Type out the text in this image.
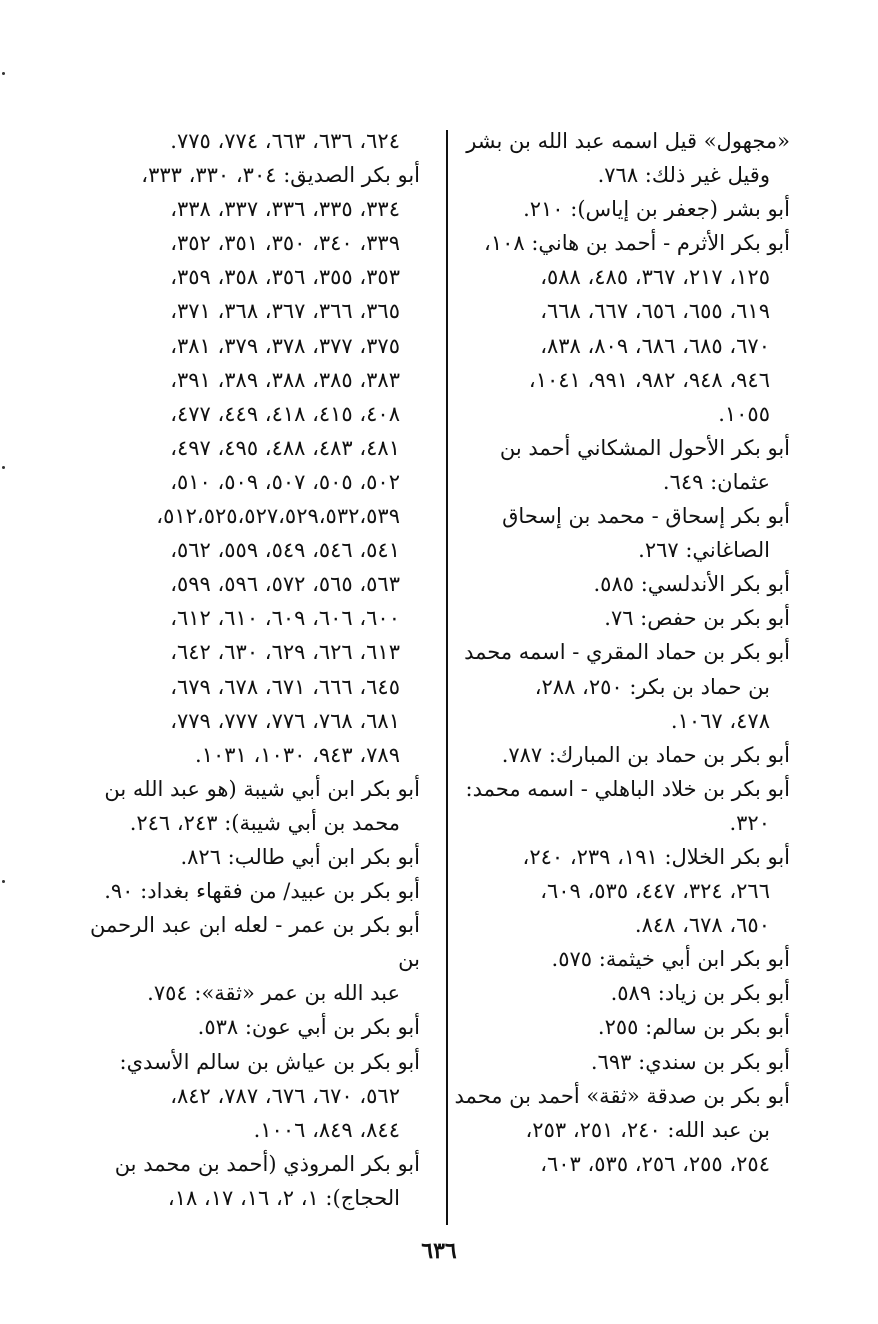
«مجهول» قيل اسمه عبد الله بن بشر
وقيل غير ذلك: ٧٦٨.
أبو بشر (جعفر بن إياس): ٢١٠.
أبو بكر الأثرم - أحمد بن هاني: ١٠٨،
١٢٥، ٢١٧، ٣٦٧، ٤٨٥، ٥٨٨،
٦١٩، ٦٥٥، ٦٥٦، ٦٦٧، ٦٦٨،
٦٧٠، ٦٨٥، ٦٨٦، ٨٠٩، ٨٣٨،
٩٤٦، ٩٤٨، ٩٨٢، ٩٩١، ١٠٤١،
١٠٥٥.
أبو بكر الأحول المشكاني أحمد بن
عثمان: ٦٤٩.
أبو بكر إسحاق - محمد بن إسحاق
الصاغاني: ٢٦٧.
أبو بكر الأندلسي: ٥٨٥.
أبو بكر بن حفص: ٧٦.
أبو بكر بن حماد المقري - اسمه محمد
بن حماد بن بكر: ٢٥٠، ٢٨٨،
٤٧٨، ١٠٦٧.
أبو بكر بن حماد بن المبارك: ٧٨٧.
أبو بكر بن خلاد الباهلي - اسمه محمد:
٣٢٠.
أبو بكر الخلال: ١٩١، ٢٣٩، ٢٤٠،
٢٦٦، ٣٢٤، ٤٤٧، ٥٣٥، ٦٠٩،
٦٥٠، ٦٧٨، ٨٤٨.
أبو بكر ابن أبي خيثمة: ٥٧٥.
أبو بكر بن زياد: ٥٨٩.
أبو بكر بن سالم: ٢٥٥.
أبو بكر بن سندي: ٦٩٣.
أبو بكر بن صدقة «ثقة» أحمد بن محمد
بن عبد الله: ٢٤٠، ٢٥١، ٢٥٣،
٢٥٤، ٢٥٥، ٢٥٦، ٥٣٥، ٦٠٣،
٦٢٤، ٦٣٦، ٦٦٣، ٧٧٤، ٧٧٥.
أبو بكر الصديق: ٣٠٤، ٣٣٠، ٣٣٣،
٣٣٤، ٣٣٥، ٣٣٦، ٣٣٧، ٣٣٨،
٣٣٩، ٣٤٠، ٣٥٠، ٣٥١، ٣٥٢،
٣٥٣، ٣٥٥، ٣٥٦، ٣٥٨، ٣٥٩،
٣٦٥، ٣٦٦، ٣٦٧، ٣٦٨، ٣٧١،
٣٧٥، ٣٧٧، ٣٧٨، ٣٧٩، ٣٨١،
٣٨٣، ٣٨٥، ٣٨٨، ٣٨٩، ٣٩١،
٤٠٨، ٤١٥، ٤١٨، ٤٤٩، ٤٧٧،
٤٨١، ٤٨٣، ٤٨٨، ٤٩٥، ٤٩٧،
٥٠٢، ٥٠٥، ٥٠٧، ٥٠٩، ٥١٠،
٥١٢،٥٢٥،٥٢٧،٥٢٩،٥٣٢،٥٣٩،
٥٤١، ٥٤٦، ٥٤٩، ٥٥٩، ٥٦٢،
٥٦٣، ٥٦٥، ٥٧٢، ٥٩٦، ٥٩٩،
٦٠٠، ٦٠٦، ٦٠٩، ٦١٠، ٦١٢،
٦١٣، ٦٢٦، ٦٢٩، ٦٣٠، ٦٤٢،
٦٤٥، ٦٦٦، ٦٧١، ٦٧٨، ٦٧٩،
٦٨١، ٧٦٨، ٧٧٦، ٧٧٧، ٧٧٩،
٧٨٩، ٩٤٣، ١٠٣٠، ١٠٣١.
أبو بكر ابن أبي شيبة (هو عبد الله بن
محمد بن أبي شيبة): ٢٤٣، ٢٤٦.
أبو بكر ابن أبي طالب: ٨٢٦.
أبو بكر بن عبيد/ من فقهاء بغداد: ٩٠.
أبو بكر بن عمر - لعله ابن عبد الرحمن بن
عبد الله بن عمر «ثقة»: ٧٥٤.
أبو بكر بن أبي عون: ٥٣٨.
أبو بكر بن عياش بن سالم الأسدي:
٥٦٢، ٦٧٠، ٦٧٦، ٧٨٧، ٨٤٢،
٨٤٤، ٨٤٩، ١٠٠٦.
أبو بكر المروذي (أحمد بن محمد بن
الحجاج): ١، ٢، ١٦، ١٧، ١٨،
٦٣٦
